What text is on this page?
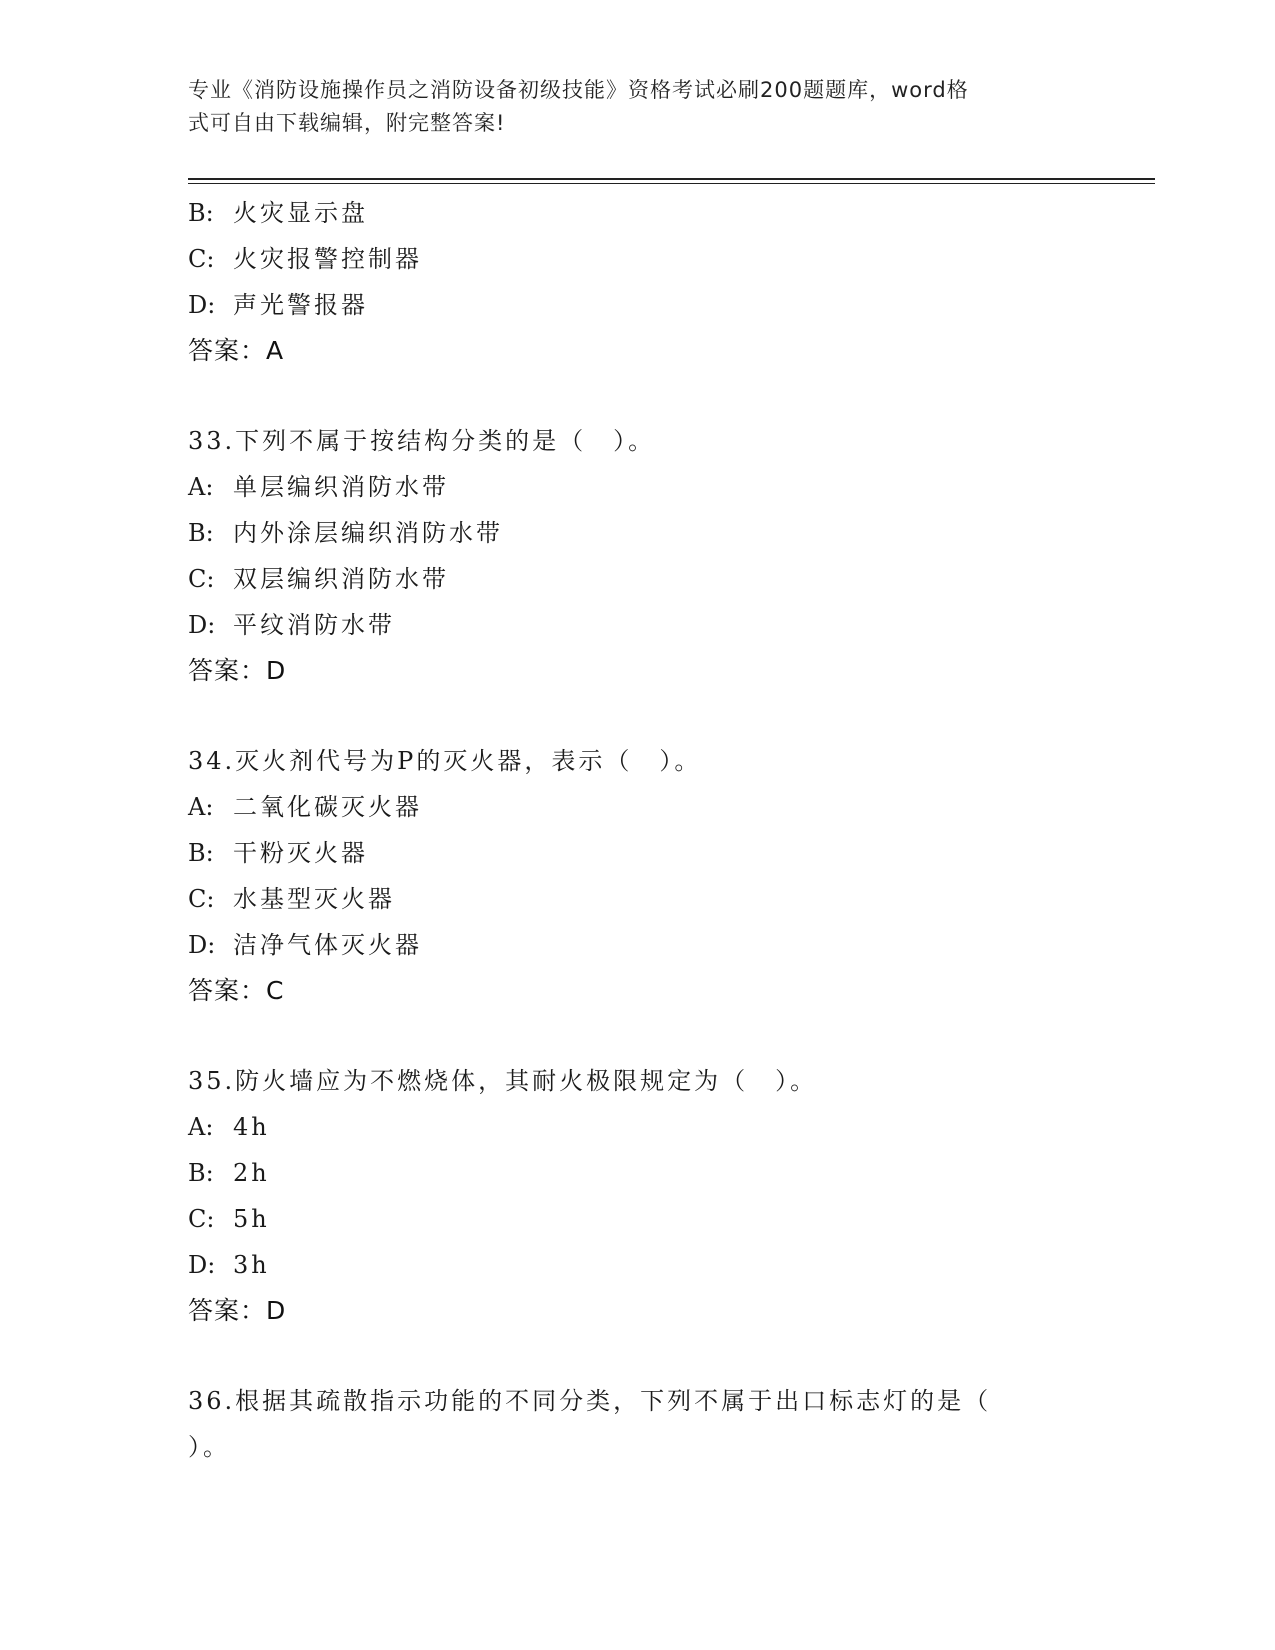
专业《消防设施操作员之消防设备初级技能》资格考试必刷200题题库，word格
式可自由下载编辑，附完整答案!
B: 火灾显示盘
C: 火灾报警控制器
D: 声光警报器
答案：A
33.下列不属于按结构分类的是（　）。
A: 单层编织消防水带
B: 内外涂层编织消防水带
C: 双层编织消防水带
D: 平纹消防水带
答案：D
34.灭火剂代号为P的灭火器，表示（　）。
A: 二氧化碳灭火器
B: 干粉灭火器
C: 水基型灭火器
D: 洁净气体灭火器
答案：C
35.防火墙应为不燃烧体，其耐火极限规定为（　）。
A: 4h
B: 2h
C: 5h
D: 3h
答案：D
36.根据其疏散指示功能的不同分类，下列不属于出口标志灯的是（
）。
